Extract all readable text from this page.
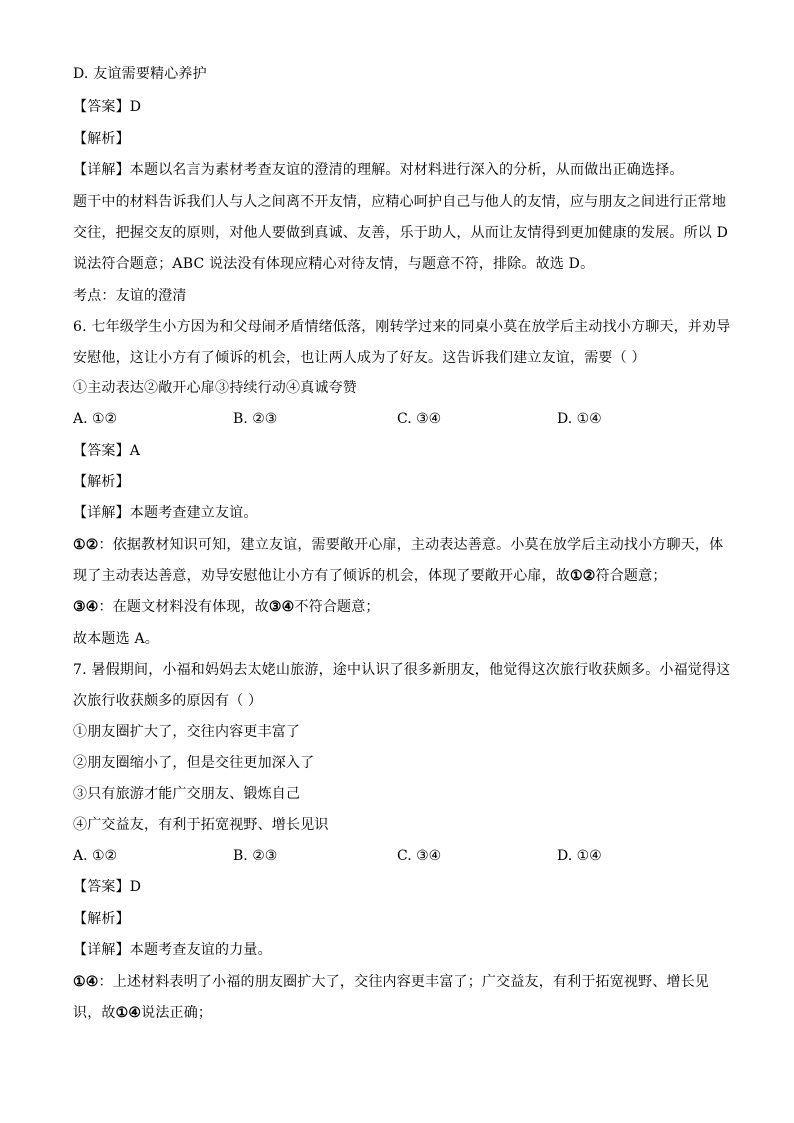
D. 友谊需要精心养护
【答案】D
【解析】
【详解】本题以名言为素材考查友谊的澄清的理解。对材料进行深入的分析，从而做出正确选择。
题干中的材料告诉我们人与人之间离不开友情，应精心呵护自己与他人的友情，应与朋友之间进行正常地
交往，把握交友的原则，对他人要做到真诚、友善，乐于助人，从而让友情得到更加健康的发展。所以 D
说法符合题意；ABC 说法没有体现应精心对待友情，与题意不符，排除。故选 D。
考点：友谊的澄清
6. 七年级学生小方因为和父母闹矛盾情绪低落，刚转学过来的同桌小莫在放学后主动找小方聊天，并劝导
安慰他，这让小方有了倾诉的机会，也让两人成为了好友。这告诉我们建立友谊，需要（ ）
①主动表达②敞开心扉③持续行动④真诚夸赞
A. ①②	B. ②③	C. ③④	D. ①④
【答案】A
【解析】
【详解】本题考查建立友谊。
①②：依据教材知识可知，建立友谊，需要敞开心扉，主动表达善意。小莫在放学后主动找小方聊天，体
现了主动表达善意，劝导安慰他让小方有了倾诉的机会，体现了要敞开心扉，故①②符合题意；
③④：在题文材料没有体现，故③④不符合题意；
故本题选 A。
7. 暑假期间，小福和妈妈去太姥山旅游，途中认识了很多新朋友，他觉得这次旅行收获颇多。小福觉得这
次旅行收获颇多的原因有（ ）
①朋友圈扩大了，交往内容更丰富了
②朋友圈缩小了，但是交往更加深入了
③只有旅游才能广交朋友、锻炼自己
④广交益友，有利于拓宽视野、增长见识
A. ①②	B. ②③	C. ③④	D. ①④
【答案】D
【解析】
【详解】本题考查友谊的力量。
①④：上述材料表明了小福的朋友圈扩大了，交往内容更丰富了；广交益友，有利于拓宽视野、增长见
识，故①④说法正确；
